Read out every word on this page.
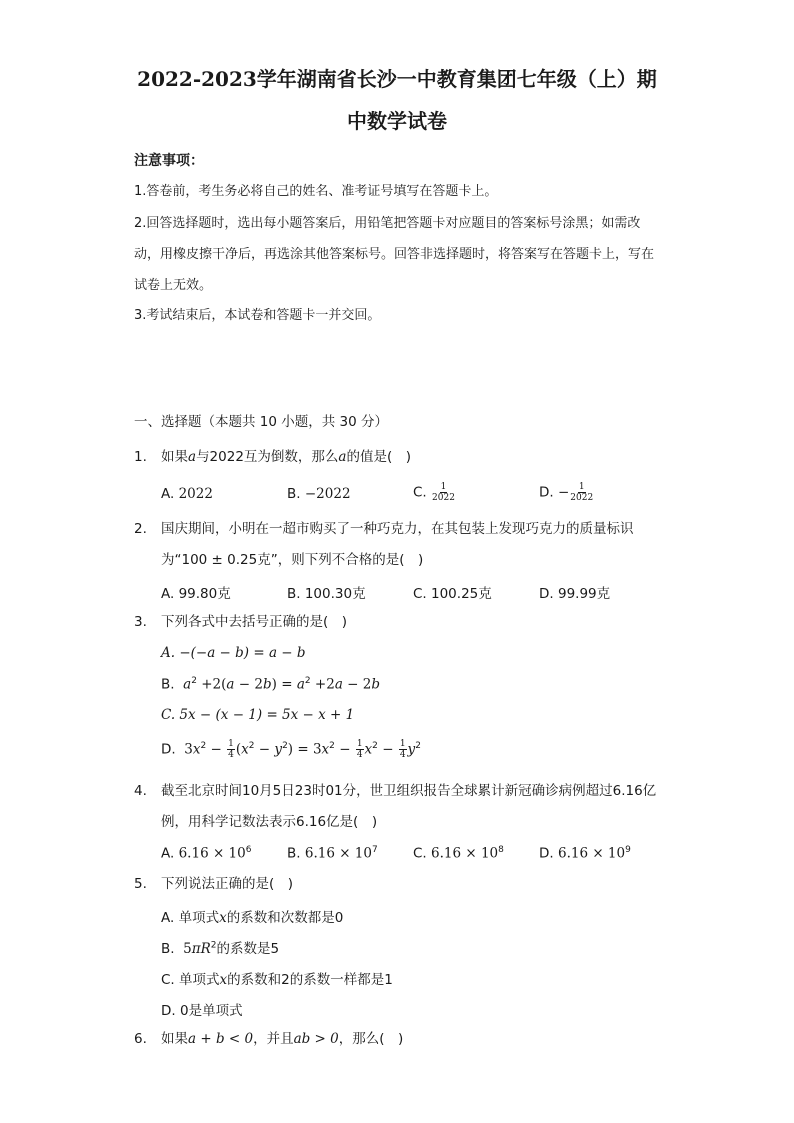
2022-2023学年湖南省长沙一中教育集团七年级（上）期
中数学试卷
注意事项：
1.答卷前，考生务必将自己的姓名、准考证号填写在答题卡上。
2.回答选择题时，选出每小题答案后，用铅笔把答题卡对应题目的答案标号涂黑；如需改动，用橡皮擦干净后，再选涂其他答案标号。回答非选择题时，将答案写在答题卡上，写在试卷上无效。
3.考试结束后，本试卷和答题卡一并交回。
一、选择题（本题共 10 小题，共 30 分）
1. 如果a与2022互为倒数，那么a的值是(　)
A. 2022	B. −2022	C. $\frac{1}{2022}$	D. − $\frac{1}{2022}$
2. 国庆期间，小明在一超市购买了一种巧克力，在其包装上发现巧克力的质量标识为“100 ± 0.25克”，则下列不合格的是(　)
A. 99.80克	B. 100.30克	C. 100.25克	D. 99.99克
3. 下列各式中去括号正确的是(　)
A. −(−a − b) = a − b
B. $a^2 +2(a - 2b) = a^2 +2a - 2b$
C. 5x − (x − 1) = 5x − x + 1
D. $3x^2 - \frac{1}{4} (x^2 - y^2) = 3x^2 - \frac{1}{4} x^2 - \frac{1}{4} y^2$
4. 截至北京时间10月5日23时01分，世卫组织报告全球累计新冠确诊病例超过6.16亿例，用科学记数法表示6.16亿是(　)
A. $6.16 \times 10^6$	B. $6.16 \times 10^7$	C. $6.16 \times 10^8$	D. $6.16 \times 10^9$
5. 下列说法正确的是(　)
A. 单项式x的系数和次数都是0
B. $5\pi R^2$的系数是5
C. 单项式x的系数和2的系数一样都是1
D. 0是单项式
6. 如果a + b < 0，并且ab > 0，那么(　)
